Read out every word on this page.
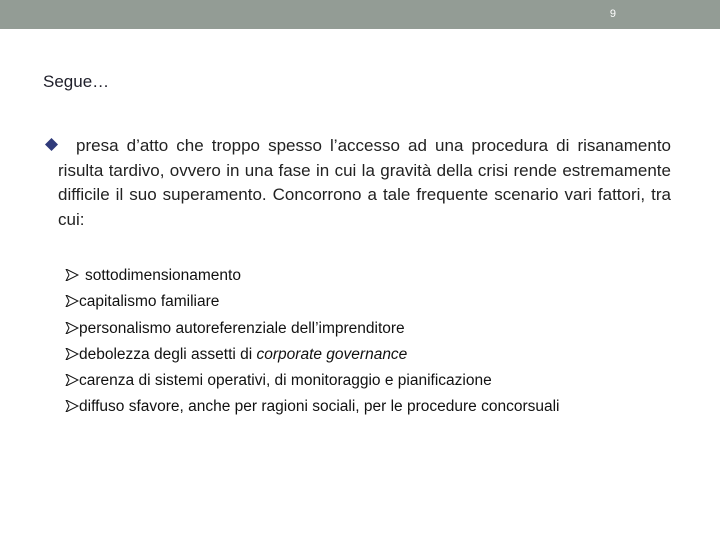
9
Segue…
presa d’atto che troppo spesso l’accesso ad una procedura di risanamento risulta tardivo, ovvero in una fase in cui la gravità della crisi rende estremamente difficile il suo superamento. Concorrono a tale frequente scenario vari fattori, tra cui:
sottodimensionamento
capitalismo familiare
personalismo autoreferenziale dell’imprenditore
debolezza degli assetti di corporate governance
carenza di sistemi operativi, di monitoraggio e pianificazione
diffuso sfavore, anche per ragioni sociali, per le procedure concorsuali
